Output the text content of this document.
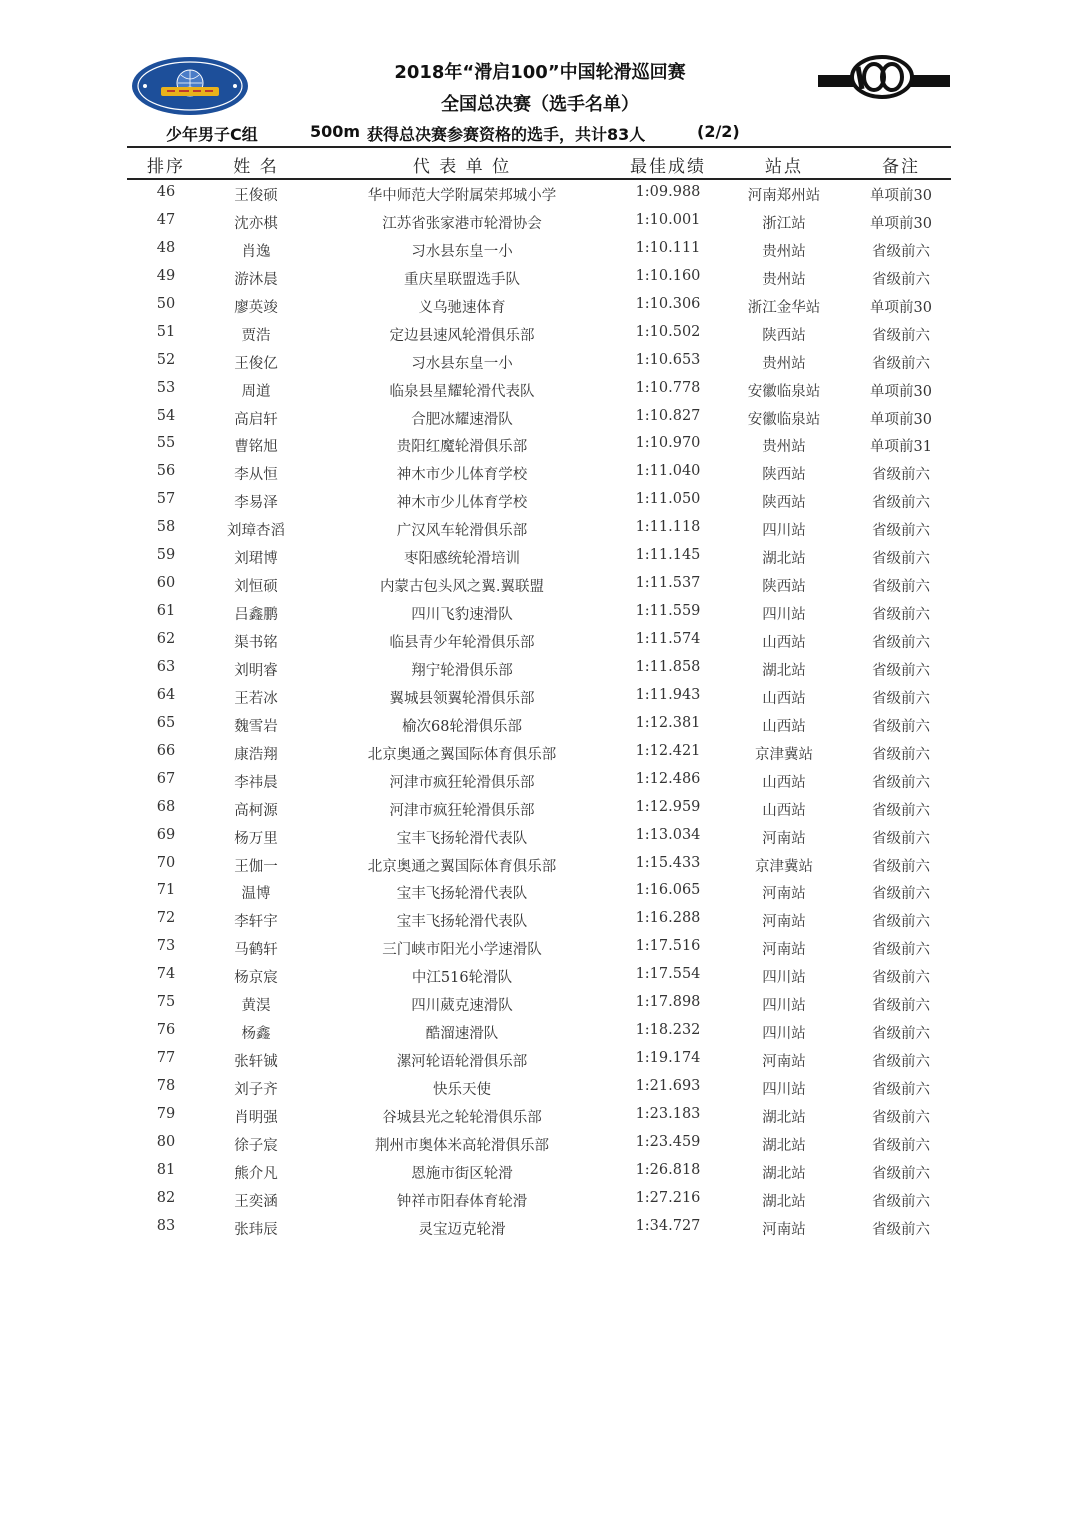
2018年“滑启100”中国轮滑巡回赛
全国总决赛（选手名单）
少年男子C组	500m 获得总决赛参赛资格的选手，共计83人	(2/2)
排序	姓 名	代 表 单 位	最佳成绩	站点	备注
46	王俊硕	华中师范大学附属荣邦城小学	1:09.988	河南郑州站	单项前30
47	沈亦棋	江苏省张家港市轮滑协会	1:10.001	浙江站	单项前30
48	肖逸	习水县东皇一小	1:10.111	贵州站	省级前六
49	游沐晨	重庆星联盟选手队	1:10.160	贵州站	省级前六
50	廖英竣	义乌驰速体育	1:10.306	浙江金华站	单项前30
51	贾浩	定边县速风轮滑俱乐部	1:10.502	陕西站	省级前六
52	王俊亿	习水县东皇一小	1:10.653	贵州站	省级前六
53	周道	临泉县星耀轮滑代表队	1:10.778	安徽临泉站	单项前30
54	高启轩	合肥冰耀速滑队	1:10.827	安徽临泉站	单项前30
55	曹铭旭	贵阳红魔轮滑俱乐部	1:10.970	贵州站	单项前31
56	李从恒	神木市少儿体育学校	1:11.040	陕西站	省级前六
57	李易泽	神木市少儿体育学校	1:11.050	陕西站	省级前六
58	刘璋杏滔	广汉风车轮滑俱乐部	1:11.118	四川站	省级前六
59	刘珺博	枣阳感统轮滑培训	1:11.145	湖北站	省级前六
60	刘恒硕	内蒙古包头风之翼.翼联盟	1:11.537	陕西站	省级前六
61	吕鑫鹏	四川飞豹速滑队	1:11.559	四川站	省级前六
62	渠书铭	临县青少年轮滑俱乐部	1:11.574	山西站	省级前六
63	刘明睿	翔宁轮滑俱乐部	1:11.858	湖北站	省级前六
64	王若冰	翼城县领翼轮滑俱乐部	1:11.943	山西站	省级前六
65	魏雪岩	榆次68轮滑俱乐部	1:12.381	山西站	省级前六
66	康浩翔	北京奥通之翼国际体育俱乐部	1:12.421	京津冀站	省级前六
67	李祎晨	河津市疯狂轮滑俱乐部	1:12.486	山西站	省级前六
68	高柯源	河津市疯狂轮滑俱乐部	1:12.959	山西站	省级前六
69	杨万里	宝丰飞扬轮滑代表队	1:13.034	河南站	省级前六
70	王伽一	北京奥通之翼国际体育俱乐部	1:15.433	京津冀站	省级前六
71	温博	宝丰飞扬轮滑代表队	1:16.065	河南站	省级前六
72	李轩宇	宝丰飞扬轮滑代表队	1:16.288	河南站	省级前六
73	马鹤轩	三门峡市阳光小学速滑队	1:17.516	河南站	省级前六
74	杨京宸	中江516轮滑队	1:17.554	四川站	省级前六
75	黄淏	四川葳克速滑队	1:17.898	四川站	省级前六
76	杨鑫	酷溜速滑队	1:18.232	四川站	省级前六
77	张轩铖	漯河轮语轮滑俱乐部	1:19.174	河南站	省级前六
78	刘子齐	快乐天使	1:21.693	四川站	省级前六
79	肖明强	谷城县光之轮轮滑俱乐部	1:23.183	湖北站	省级前六
80	徐子宸	荆州市奥体米高轮滑俱乐部	1:23.459	湖北站	省级前六
81	熊介凡	恩施市街区轮滑	1:26.818	湖北站	省级前六
82	王奕涵	钟祥市阳春体育轮滑	1:27.216	湖北站	省级前六
83	张玮辰	灵宝迈克轮滑	1:34.727	河南站	省级前六
